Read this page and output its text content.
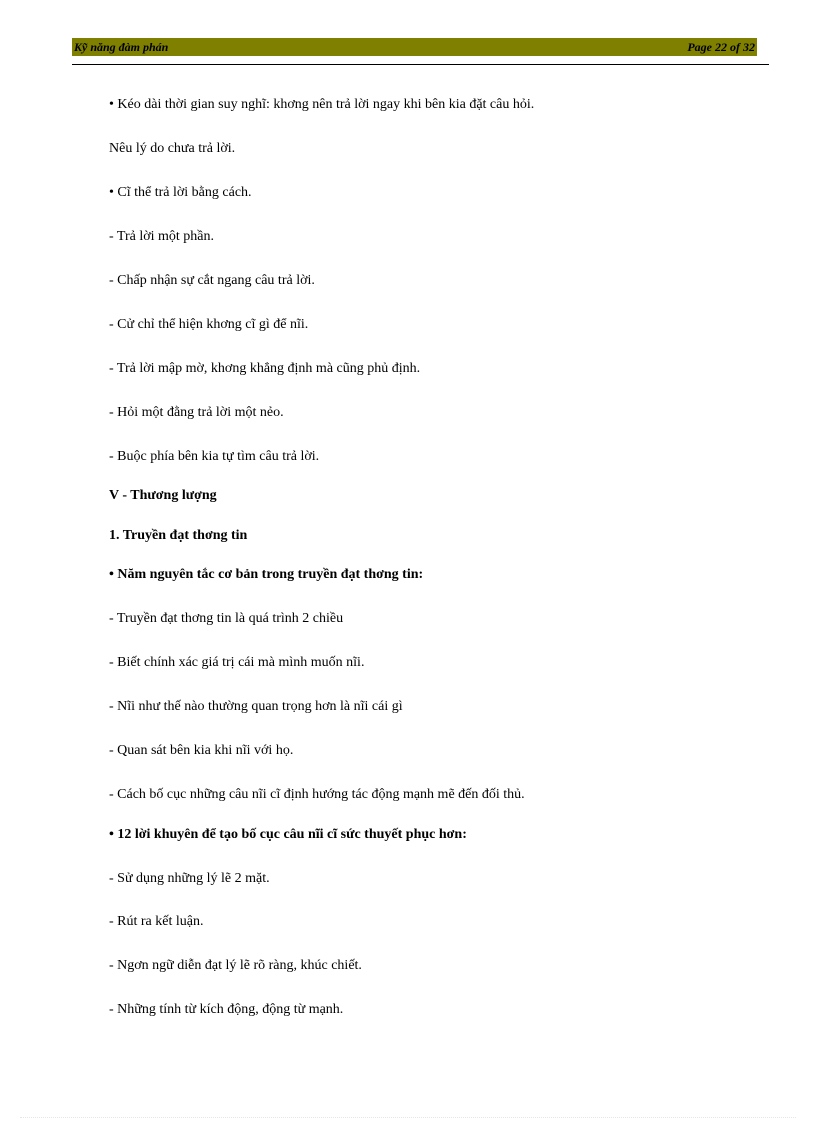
Kỹ năng đàm phán	Page 22 of 32
• Kéo dài thời gian suy nghĩ: khơng nên trả lời ngay khi bên kia đặt câu hỏi.
Nêu lý do chưa trả lời.
• Cĩ thể trả lời bằng cách.
- Trả lời một phần.
- Chấp nhận sự cắt ngang câu trả lời.
- Cử chỉ thể hiện khơng cĩ gì để nĩi.
- Trả lời mập mờ, khơng khẳng định mà cũng phủ định.
- Hỏi một đằng trả lời một nẻo.
- Buộc phía bên kia tự tìm câu trả lời.
V - Thương lượng
1. Truyền đạt thơng tin
• Năm nguyên tắc cơ bản trong truyền đạt thơng tin:
- Truyền đạt thơng tin là quá trình 2 chiều
- Biết chính xác giá trị cái mà mình muốn nĩi.
- Nĩi như thế nào thường quan trọng hơn là nĩi cái gì
- Quan sát bên kia khi nĩi với họ.
- Cách bố cục những câu nĩi cĩ định hướng tác động mạnh mẽ đến đối thủ.
• 12 lời khuyên để tạo bố cục câu nĩi cĩ sức thuyết phục hơn:
- Sử dụng những lý lẽ 2 mặt.
- Rút ra kết luận.
- Ngơn ngữ diễn đạt lý lẽ rõ ràng, khúc chiết.
- Những tính từ kích động, động từ mạnh.
